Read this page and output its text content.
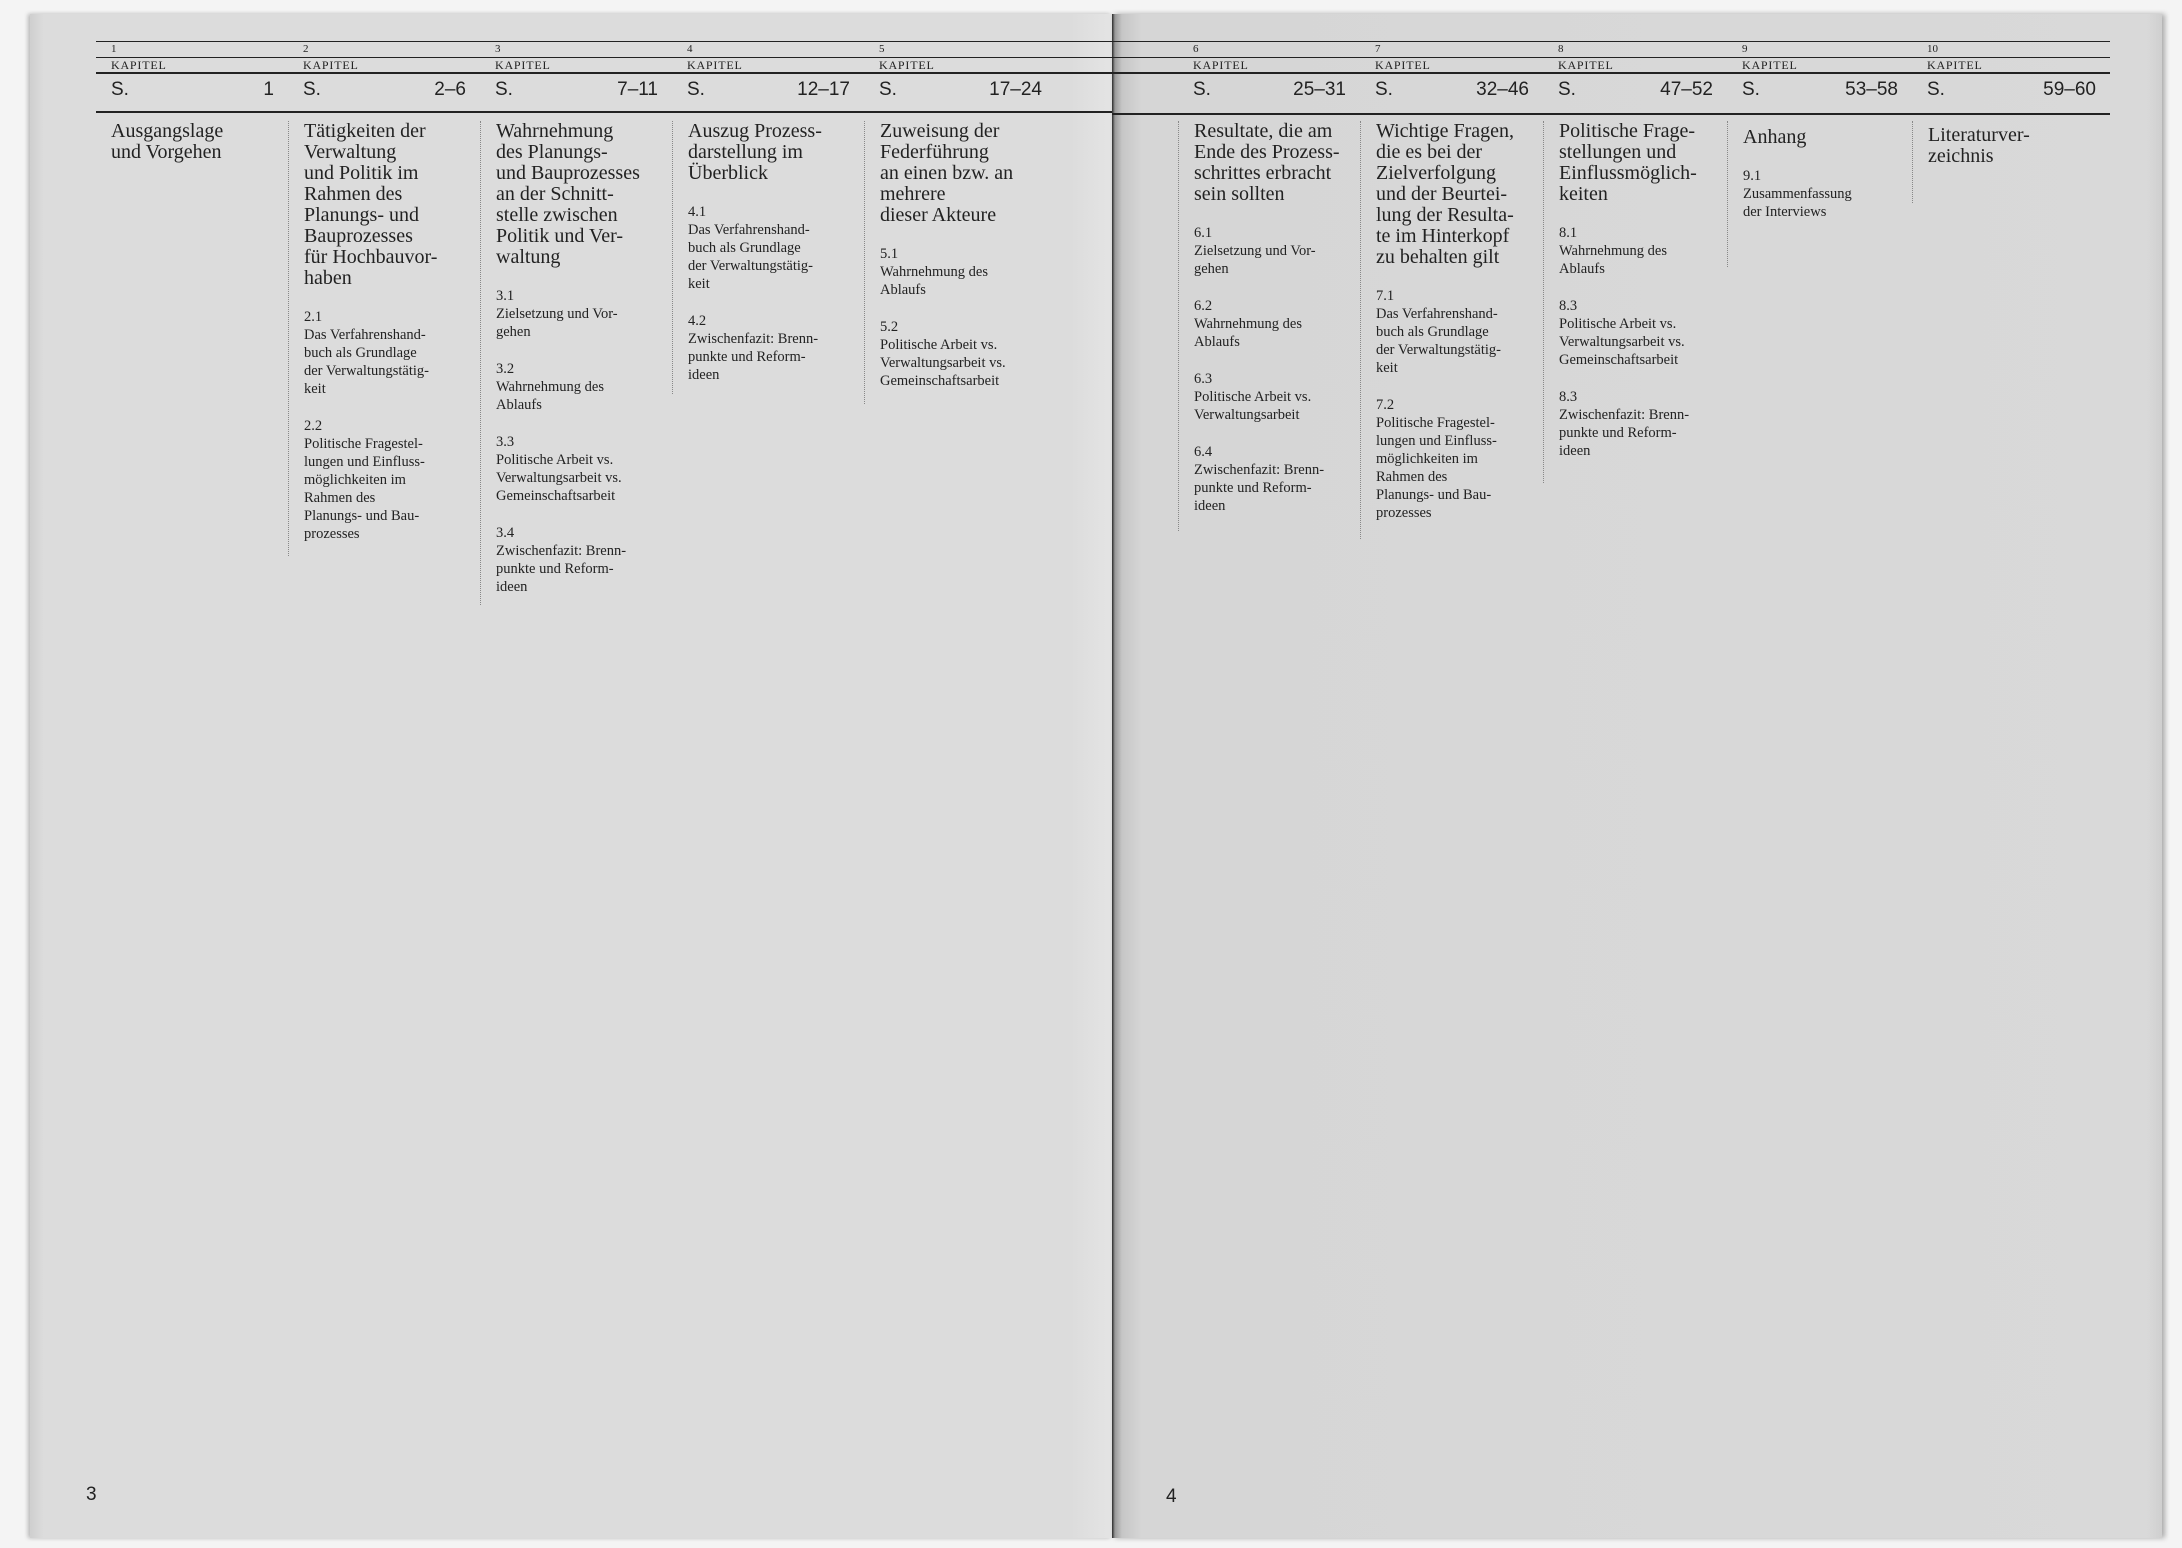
1
KAPITEL
S.	1
Ausgangslage
und Vorgehen
2
KAPITEL
S.	2–6
Tätigkeiten der
Verwaltung
und Politik im
Rahmen des
Planungs- und
Bauprozesses
für Hochbauvor-
haben
2.1
Das Verfahrenshand-
buch als Grundlage
der Verwaltungstätig-
keit
2.2
Politische Fragestel-
lungen und Einfluss-
möglichkeiten im
Rahmen des
Planungs- und Bau-
prozesses
3
KAPITEL
S.	7–11
Wahrnehmung
des Planungs-
und Bauprozesses
an der Schnitt-
stelle zwischen
Politik und Ver-
waltung
3.1
Zielsetzung und Vor-
gehen
3.2
Wahrnehmung des
Ablaufs
3.3
Politische Arbeit vs.
Verwaltungsarbeit vs.
Gemeinschaftsarbeit
3.4
Zwischenfazit: Brenn-
punkte und Reform-
ideen
4
KAPITEL
S.	12–17
Auszug Prozess-
darstellung im
Überblick
4.1
Das Verfahrenshand-
buch als Grundlage
der Verwaltungstätig-
keit
4.2
Zwischenfazit: Brenn-
punkte und Reform-
ideen
5
KAPITEL
S.	17–24
Zuweisung der
Federführung
an einen bzw. an
mehrere
dieser Akteure
5.1
Wahrnehmung des
Ablaufs
5.2
Politische Arbeit vs.
Verwaltungsarbeit vs.
Gemeinschaftsarbeit
3
6
KAPITEL
S.	25–31
Resultate, die am
Ende des Prozess-
schrittes erbracht
sein sollten
6.1
Zielsetzung und Vor-
gehen
6.2
Wahrnehmung des
Ablaufs
6.3
Politische Arbeit vs.
Verwaltungsarbeit
6.4
Zwischenfazit: Brenn-
punkte und Reform-
ideen
7
KAPITEL
S.	32–46
Wichtige Fragen,
die es bei der
Zielverfolgung
und der Beurtei-
lung der Resulta-
te im Hinterkopf
zu behalten gilt
7.1
Das Verfahrenshand-
buch als Grundlage
der Verwaltungstätig-
keit
7.2
Politische Fragestel-
lungen und Einfluss-
möglichkeiten im
Rahmen des
Planungs- und Bau-
prozesses
8
KAPITEL
S.	47–52
Politische Frage-
stellungen und
Einflussmöglich-
keiten
8.1
Wahrnehmung des
Ablaufs
8.3
Politische Arbeit vs.
Verwaltungsarbeit vs.
Gemeinschaftsarbeit
8.3
Zwischenfazit: Brenn-
punkte und Reform-
ideen
9
KAPITEL
S.	53–58
Anhang
9.1
Zusammenfassung
der Interviews
10
KAPITEL
S.	59–60
Literaturver-
zeichnis
4
